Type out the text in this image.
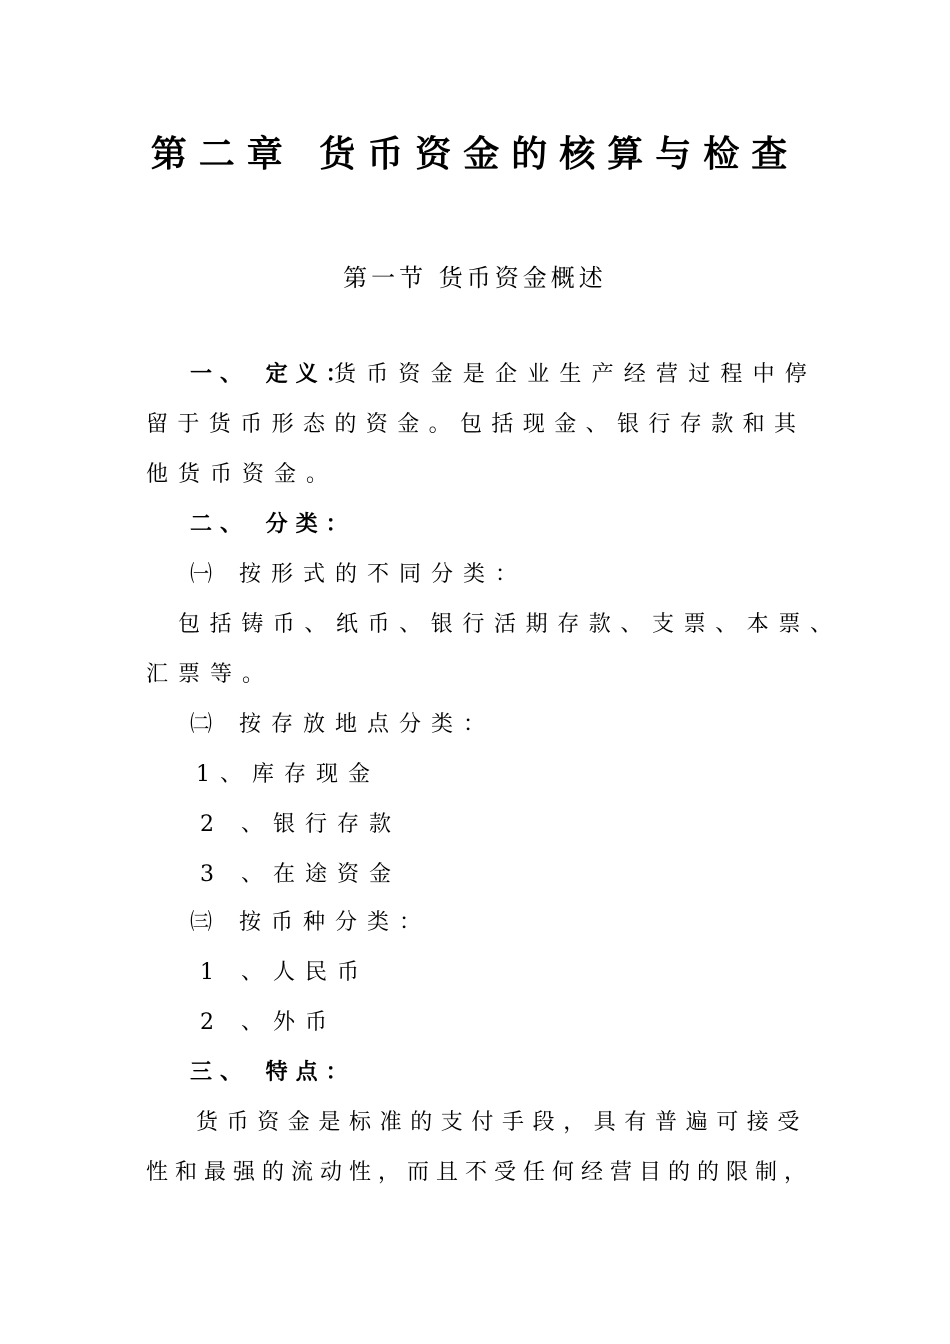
第二章 货币资金的核算与检查
第一节 货币资金概述
一、 定义：
货币资金是企业生产经营过程中停
留于货币形态的资金。包括现金、银行存款和其
他货币资金。
二、 分类：
㈠ 按形式的不同分类：
包括铸币、纸币、银行活期存款、支票、本票、
汇票等。
㈡ 按存放地点分类：
1、库存现金
2 、银行存款
3 、在途资金
㈢ 按币种分类：
1 、人民币
2 、外币
三、 特点：
货币资金是标准的支付手段，具有普遍可接受
性和最强的流动性，而且不受任何经营目的的限制，
